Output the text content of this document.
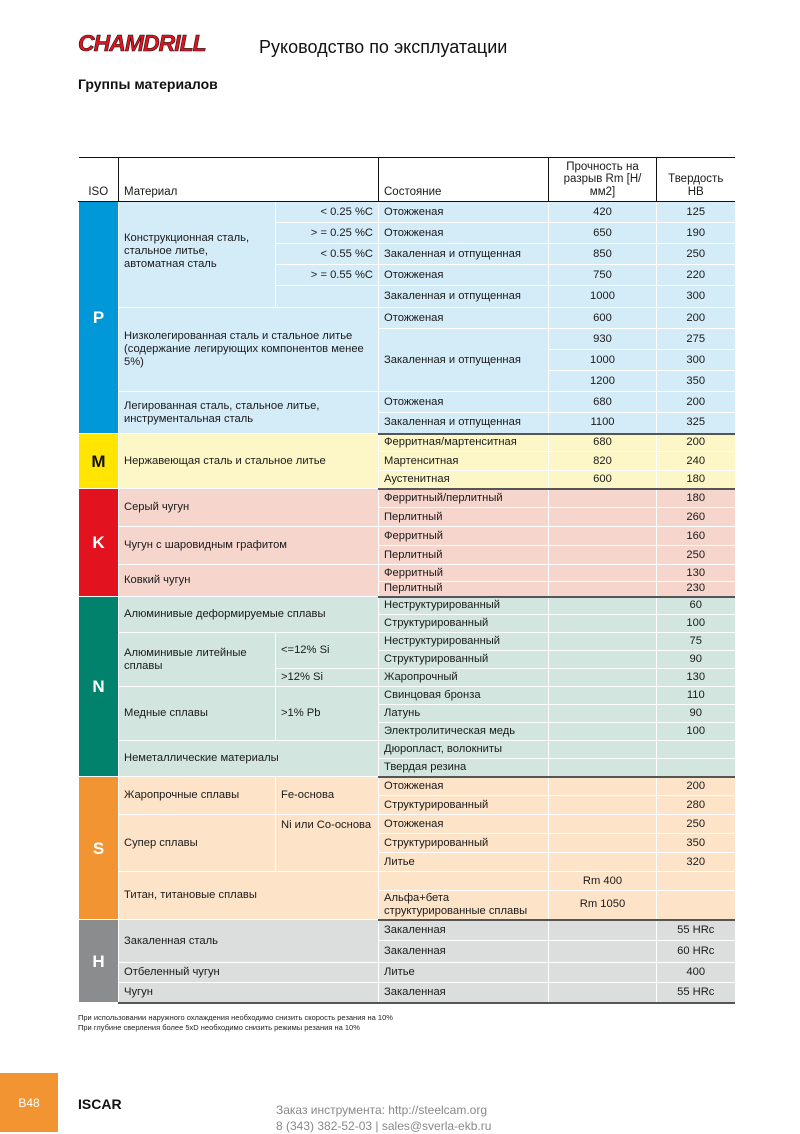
CHAMDRILL	Руководство по эксплуатации
Группы материалов
ISO	Материал		Состояние	Прочность на разрыв Rm [Н/мм2]	Твердость HB
P	Конструкционная сталь, стальное литье, автоматная сталь	< 0.25 %C	Отожженая	420	125
		> = 0.25 %C	Отожженая	650	190
		< 0.55 %C	Закаленная и отпущенная	850	250
		> = 0.55 %C	Отожженая	750	220
			Закаленная и отпущенная	1000	300
	Низколегированная сталь и стальное литье (содержание легирующих компонентов менее 5%)		Отожженая	600	200
			Закаленная и отпущенная	930	275
				1000	300
				1200	350
	Легированная сталь, стальное литье, инструментальная сталь		Отожженая	680	200
			Закаленная и отпущенная	1100	325
M	Нержавеющая сталь и стальное литье		Ферритная/мартенситная	680	200
			Мартенситная	820	240
			Аустенитная	600	180
K	Серый чугун		Ферритный/перлитный		180
			Перлитный		260
	Чугун с шаровидным графитом		Ферритный		160
			Перлитный		250
	Ковкий чугун		Ферритный		130
			Перлитный		230
N	Алюминивые деформируемые сплавы		Неструктурированный		60
			Структурированный		100
	Алюминивые литейные сплавы	<=12% Si	Неструктурированный		75
			Структурированный		90
		>12% Si	Жаропрочный		130
	Медные сплавы	>1% Pb	Свинцовая бронза		110
			Латунь		90
			Электролитическая медь		100
	Неметаллические материалы		Дюропласт, волокниты		
			Твердая резина		
S	Жаропрочные сплавы	Fe-основа	Отожженая		200
			Структурированный		280
	Супер сплавы	Ni или Co-основа	Отожженая		250
			Структурированный		350
			Литье		320
	Титан, титановые сплавы			Rm 400	
			Альфа+бета структурированные сплавы	Rm 1050	
H	Закаленная сталь		Закаленная		55 HRc
			Закаленная		60 HRc
	Отбеленный чугун		Литье		400
	Чугун		Закаленная		55 HRc
При использовании наружного охлаждения необходимо снизить скорость резания на 10%
При глубине сверления более 5xD необходимо снизить режимы резания на 10%
B48	ISCAR	Заказ инструмента: http://steelcam.org
8 (343) 382-52-03 | sales@sverla-ekb.ru
